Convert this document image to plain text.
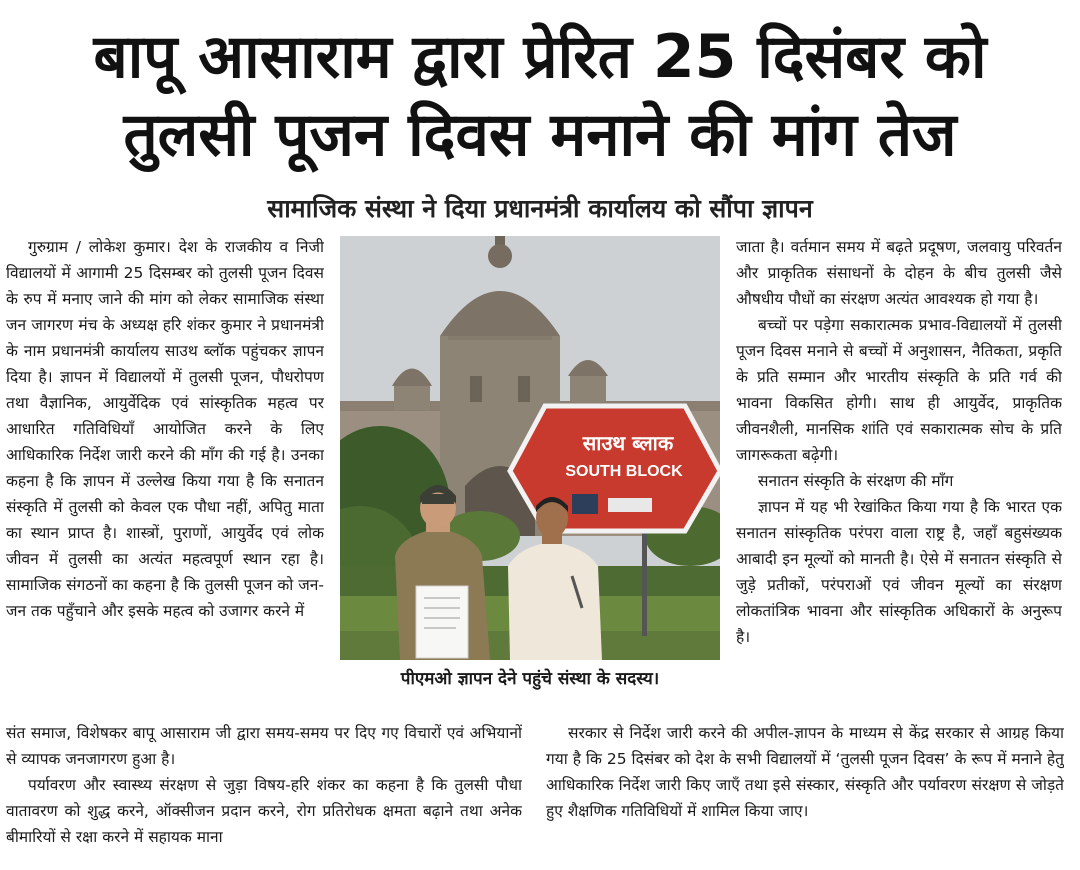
बापू आसाराम द्वारा प्रेरित 25 दिसंबर को
तुलसी पूजन दिवस मनाने की मांग तेज
सामाजिक संस्था ने दिया प्रधानमंत्री कार्यालय को सौंपा ज्ञापन

गुरुग्राम / लोकेश कुमार। देश के राजकीय व निजी विद्यालयों में आगामी 25 दिसम्बर को तुलसी पूजन दिवस के रुप में मनाए जाने की मांग को लेकर सामाजिक संस्था जन जागरण मंच के अध्यक्ष हरि शंकर कुमार ने प्रधानमंत्री के नाम प्रधानमंत्री कार्यालय साउथ ब्लॉक पहुंचकर ज्ञापन दिया है। ज्ञापन में विद्यालयों में तुलसी पूजन, पौधरोपण तथा वैज्ञानिक, आयुर्वेदिक एवं सांस्कृतिक महत्व पर आधारित गतिविधियाँ आयोजित करने के लिए आधिकारिक निर्देश जारी करने की माँग की गई है। उनका कहना है कि ज्ञापन में उल्लेख किया गया है कि सनातन संस्कृति में तुलसी को केवल एक पौधा नहीं, अपितु माता का स्थान प्राप्त है। शास्त्रों, पुराणों, आयुर्वेद एवं लोक जीवन में तुलसी का अत्यंत महत्वपूर्ण स्थान रहा है। सामाजिक संगठनों का कहना है कि तुलसी पूजन को जन-जन तक पहुँचाने और इसके महत्व को उजागर करने में

साउथ ब्लाक
SOUTH BLOCK
पीएमओ ज्ञापन देने पहुंचे संस्था के सदस्य।

जाता है। वर्तमान समय में बढ़ते प्रदूषण, जलवायु परिवर्तन और प्राकृतिक संसाधनों के दोहन के बीच तुलसी जैसे औषधीय पौधों का संरक्षण अत्यंत आवश्यक हो गया है।

बच्चों पर पड़ेगा सकारात्मक प्रभाव-विद्यालयों में तुलसी पूजन दिवस मनाने से बच्चों में अनुशासन, नैतिकता, प्रकृति के प्रति सम्मान और भारतीय संस्कृति के प्रति गर्व की भावना विकसित होगी। साथ ही आयुर्वेद, प्राकृतिक जीवनशैली, मानसिक शांति एवं सकारात्मक सोच के प्रति जागरूकता बढ़ेगी।

सनातन संस्कृति के संरक्षण की माँग

ज्ञापन में यह भी रेखांकित किया गया है कि भारत एक सनातन सांस्कृतिक परंपरा वाला राष्ट्र है, जहाँ बहुसंख्यक आबादी इन मूल्यों को मानती है। ऐसे में सनातन संस्कृति से जुड़े प्रतीकों, परंपराओं एवं जीवन मूल्यों का संरक्षण लोकतांत्रिक भावना और सांस्कृतिक अधिकारों के अनुरूप है।

संत समाज, विशेषकर बापू आसाराम जी द्वारा समय-समय पर दिए गए विचारों एवं अभियानों से व्यापक जनजागरण हुआ है।

पर्यावरण और स्वास्थ्य संरक्षण से जुड़ा विषय-हरि शंकर का कहना है कि तुलसी पौधा वातावरण को शुद्ध करने, ऑक्सीजन प्रदान करने, रोग प्रतिरोधक क्षमता बढ़ाने तथा अनेक बीमारियों से रक्षा करने में सहायक माना

सरकार से निर्देश जारी करने की अपील-ज्ञापन के माध्यम से केंद्र सरकार से आग्रह किया गया है कि 25 दिसंबर को देश के सभी विद्यालयों में ‘तुलसी पूजन दिवस’ के रूप में मनाने हेतु आधिकारिक निर्देश जारी किए जाएँ तथा इसे संस्कार, संस्कृति और पर्यावरण संरक्षण से जोड़ते हुए शैक्षणिक गतिविधियों में शामिल किया जाए।
